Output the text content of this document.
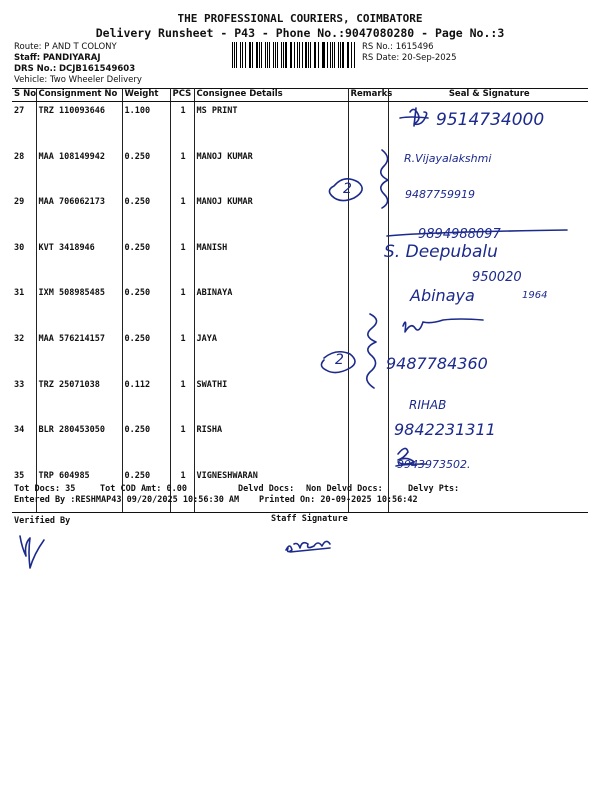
THE PROFESSIONAL COURIERS, COIMBATORE
Delivery Runsheet - P43 - Phone No.:9047080280 - Page No.:3
Route: P AND T COLONY
Staff: PANDIYARAJ
DRS No.: DCJB161549603
Vehicle: Two Wheeler Delivery
RS No.: 1615496
RS Date: 20-Sep-2025
S No	Consignment No	Weight	PCS	Consignee Details	Remarks	Seal & Signature
27	TRZ 110093646	1.100	1	MS PRINT		
28	MAA 108149942	0.250	1	MANOJ KUMAR		
29	MAA 706062173	0.250	1	MANOJ KUMAR		
30	KVT 3418946	0.250	1	MANISH		
31	IXM 508985485	0.250	1	ABINAYA		
32	MAA 576214157	0.250	1	JAYA		
33	TRZ 25071038	0.112	1	SWATHI		
34	BLR 280453050	0.250	1	RISHA		
35	TRP 604985	0.250	1	VIGNESHWARAN		
Tot Docs: 35	Tot COD Amt: 0.00	Delvd Docs: Non Delvd Docs:	Delvy Pts:
Entered By :RESHMAP43 09/20/2025 10:56:30 AM Printed On: 20-09-2025 10:56:42
Verified By	Staff Signature
9514734000
R.Vijayalakshmi
9487759919
9894988097
S. Deepubalu
950020
Abinaya	1964
9487784360
RIHAB
9842231311
9943973502.
2
2
